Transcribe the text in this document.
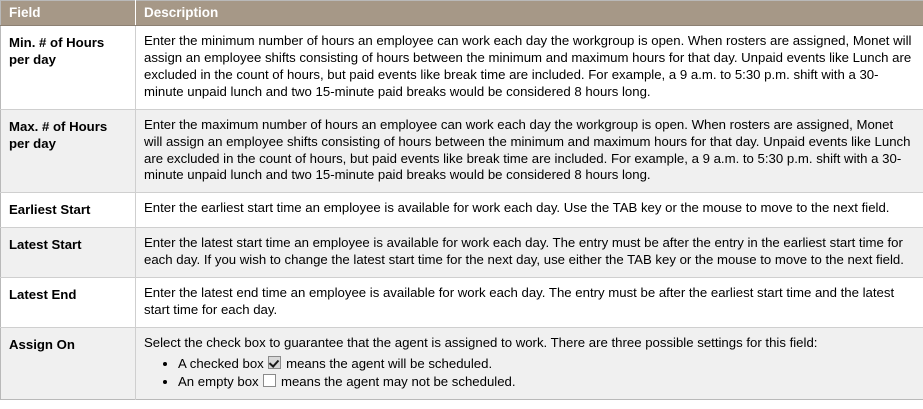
Field	Description
Min. # of Hours per day	Enter the minimum number of hours an employee can work each day the workgroup is open. When rosters are assigned, Monet will assign an employee shifts consisting of hours between the minimum and maximum hours for that day. Unpaid events like Lunch are excluded in the count of hours, but paid events like break time are included. For example, a 9 a.m. to 5:30 p.m. shift with a 30-minute unpaid lunch and two 15-minute paid breaks would be considered 8 hours long.

Max. # of Hours per day	Enter the maximum number of hours an employee can work each day the workgroup is open. When rosters are assigned, Monet will assign an employee shifts consisting of hours between the minimum and maximum hours for that day. Unpaid events like Lunch are excluded in the count of hours, but paid events like break time are included. For example, a 9 a.m. to 5:30 p.m. shift with a 30-minute unpaid lunch and two 15-minute paid breaks would be considered 8 hours long.

Earliest Start	Enter the earliest start time an employee is available for work each day. Use the TAB key or the mouse to move to the next field.

Latest Start	Enter the latest start time an employee is available for work each day. The entry must be after the entry in the earliest start time for each day. If you wish to change the latest start time for the next day, use either the TAB key or the mouse to move to the next field.

Latest End	Enter the latest end time an employee is available for work each day. The entry must be after the earliest start time and the latest start time for each day.

Assign On	Select the check box to guarantee that the agent is assigned to work. There are three possible settings for this field:

• A checked box  means the agent will be scheduled.
• An empty box  means the agent may not be scheduled.
